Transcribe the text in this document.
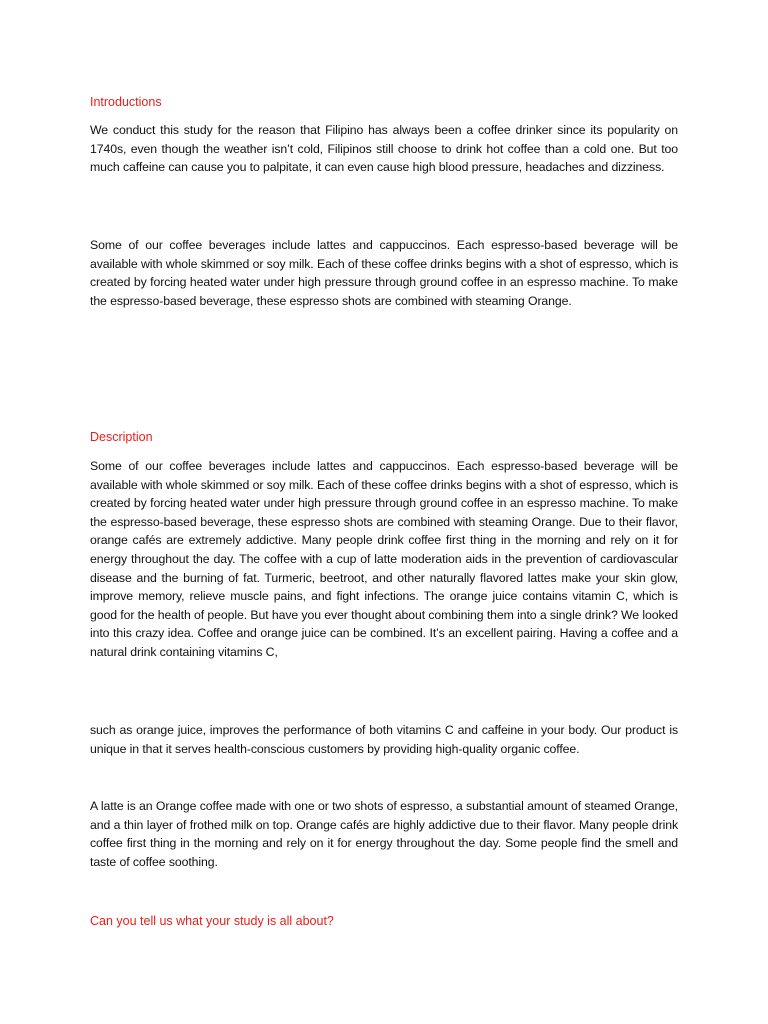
Introductions

We conduct this study for the reason that Filipino has always been a coffee drinker since its popularity on 1740s, even though the weather isn’t cold, Filipinos still choose to drink hot coffee than a cold one. But too much caffeine can cause you to palpitate, it can even cause high blood pressure, headaches and dizziness.

Some of our coffee beverages include lattes and cappuccinos. Each espresso-based beverage will be available with whole skimmed or soy milk. Each of these coffee drinks begins with a shot of espresso, which is created by forcing heated water under high pressure through ground coffee in an espresso machine. To make the espresso-based beverage, these espresso shots are combined with steaming Orange.

Description

Some of our coffee beverages include lattes and cappuccinos. Each espresso-based beverage will be available with whole skimmed or soy milk. Each of these coffee drinks begins with a shot of espresso, which is created by forcing heated water under high pressure through ground coffee in an espresso machine. To make the espresso-based beverage, these espresso shots are combined with steaming Orange. Due to their flavor, orange cafés are extremely addictive. Many people drink coffee first thing in the morning and rely on it for energy throughout the day. The coffee with a cup of latte moderation aids in the prevention of cardiovascular disease and the burning of fat. Turmeric, beetroot, and other naturally flavored lattes make your skin glow, improve memory, relieve muscle pains, and fight infections. The orange juice contains vitamin C, which is good for the health of people. But have you ever thought about combining them into a single drink? We looked into this crazy idea. Coffee and orange juice can be combined. It’s an excellent pairing. Having a coffee and a natural drink containing vitamins C,

such as orange juice, improves the performance of both vitamins C and caffeine in your body. Our product is unique in that it serves health-conscious customers by providing high-quality organic coffee.

A latte is an Orange coffee made with one or two shots of espresso, a substantial amount of steamed Orange, and a thin layer of frothed milk on top. Orange cafés are highly addictive due to their flavor. Many people drink coffee first thing in the morning and rely on it for energy throughout the day. Some people find the smell and taste of coffee soothing.

Can you tell us what your study is all about?
